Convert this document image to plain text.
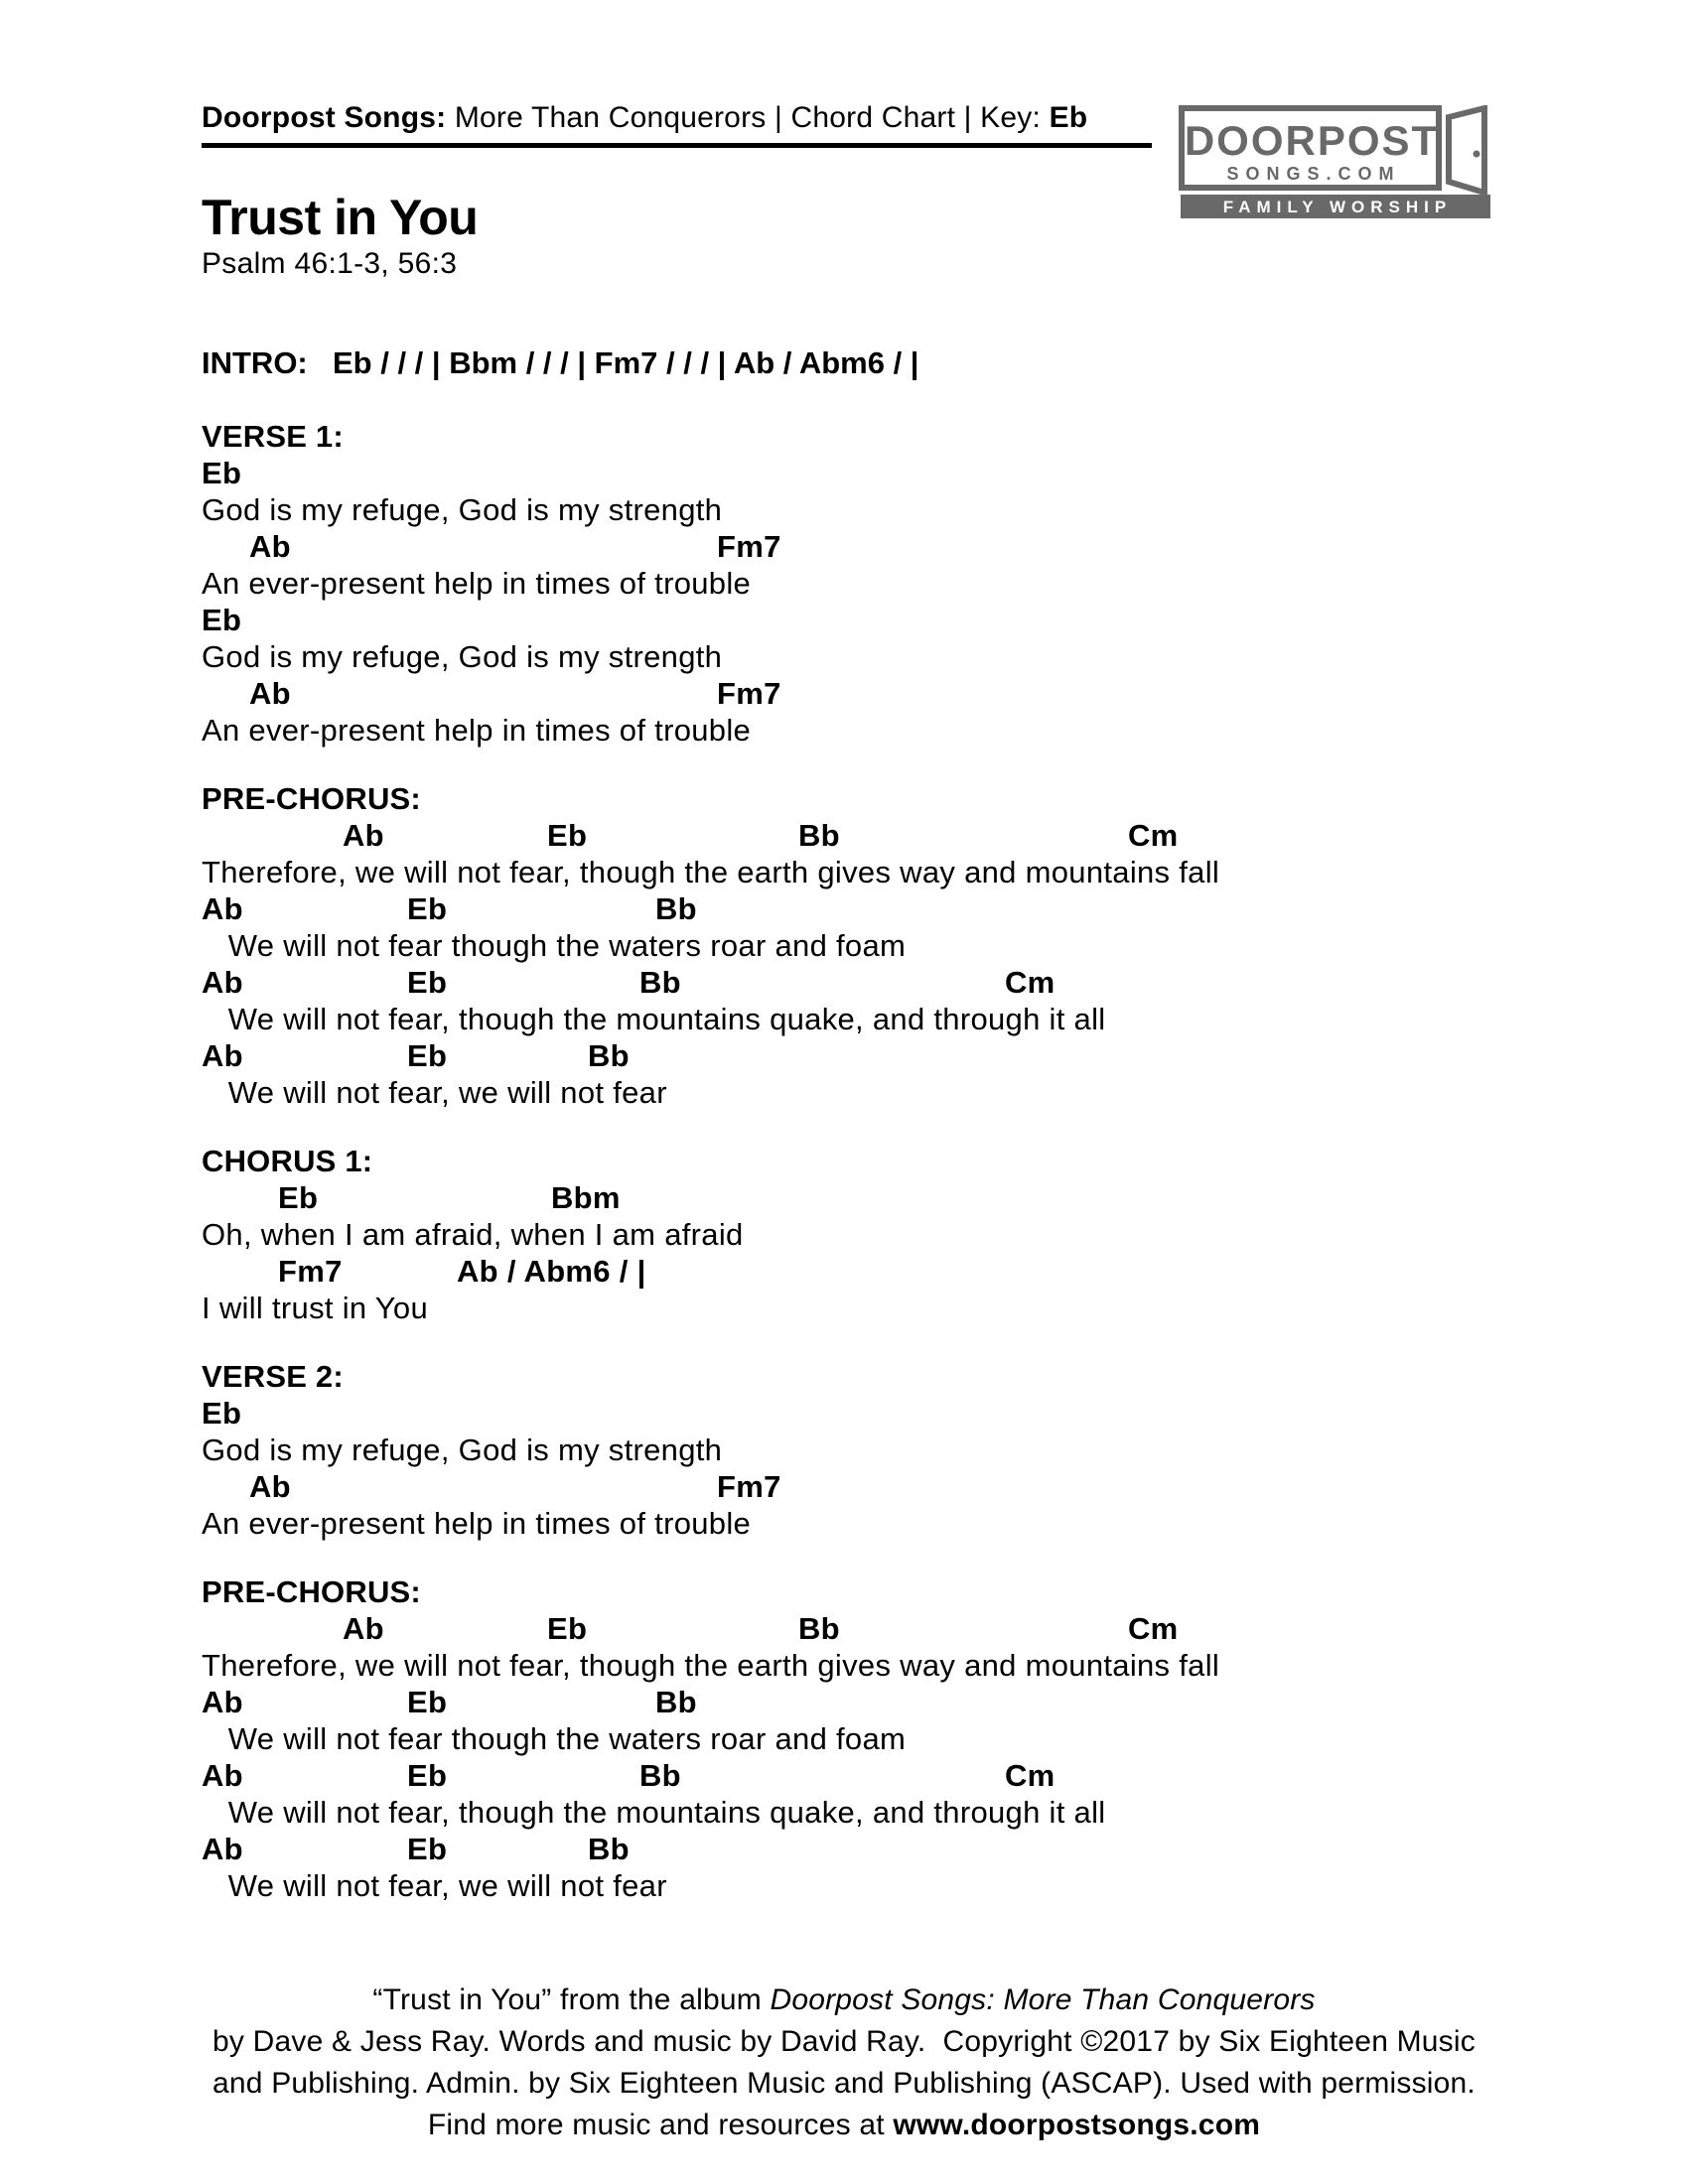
Doorpost Songs: More Than Conquerors | Chord Chart | Key: Eb
Trust in You
Psalm 46:1-3, 56:3

INTRO:

Eb / / / | Bbm / / / | Fm7 / / / | Ab / Abm6 / |

VERSE 1:
Eb
God is my refuge, God is my strength
Ab	Fm7
An ever-present help in times of trouble
Eb
God is my refuge, God is my strength
Ab	Fm7
An ever-present help in times of trouble
PRE-CHORUS:
Ab	Eb	Bb	Cm
Therefore, we will not fear, though the earth gives way and mountains fall
Ab	Eb	Bb
We will not fear though the waters roar and foam
Ab	Eb	Bb	Cm
We will not fear, though the mountains quake, and through it all
Ab	Eb	Bb
We will not fear, we will not fear
CHORUS 1:
Eb	Bbm
Oh, when I am afraid, when I am afraid
Fm7	Ab / Abm6 / |
I will trust in You
VERSE 2:
Eb
God is my refuge, God is my strength
Ab	Fm7
An ever-present help in times of trouble
PRE-CHORUS:
Ab	Eb	Bb	Cm
Therefore, we will not fear, though the earth gives way and mountains fall
Ab	Eb	Bb
We will not fear though the waters roar and foam
Ab	Eb	Bb	Cm
We will not fear, though the mountains quake, and through it all
Ab	Eb	Bb
We will not fear, we will not fear
“Trust in You” from the album Doorpost Songs: More Than Conquerors
by Dave & Jess Ray. Words and music by David Ray.  Copyright ©2017 by Six Eighteen Music
and Publishing. Admin. by Six Eighteen Music and Publishing (ASCAP). Used with permission.
Find more music and resources at www.doorpostsongs.com
DOORPOST
SONGS.COM
FAMILY WORSHIP
